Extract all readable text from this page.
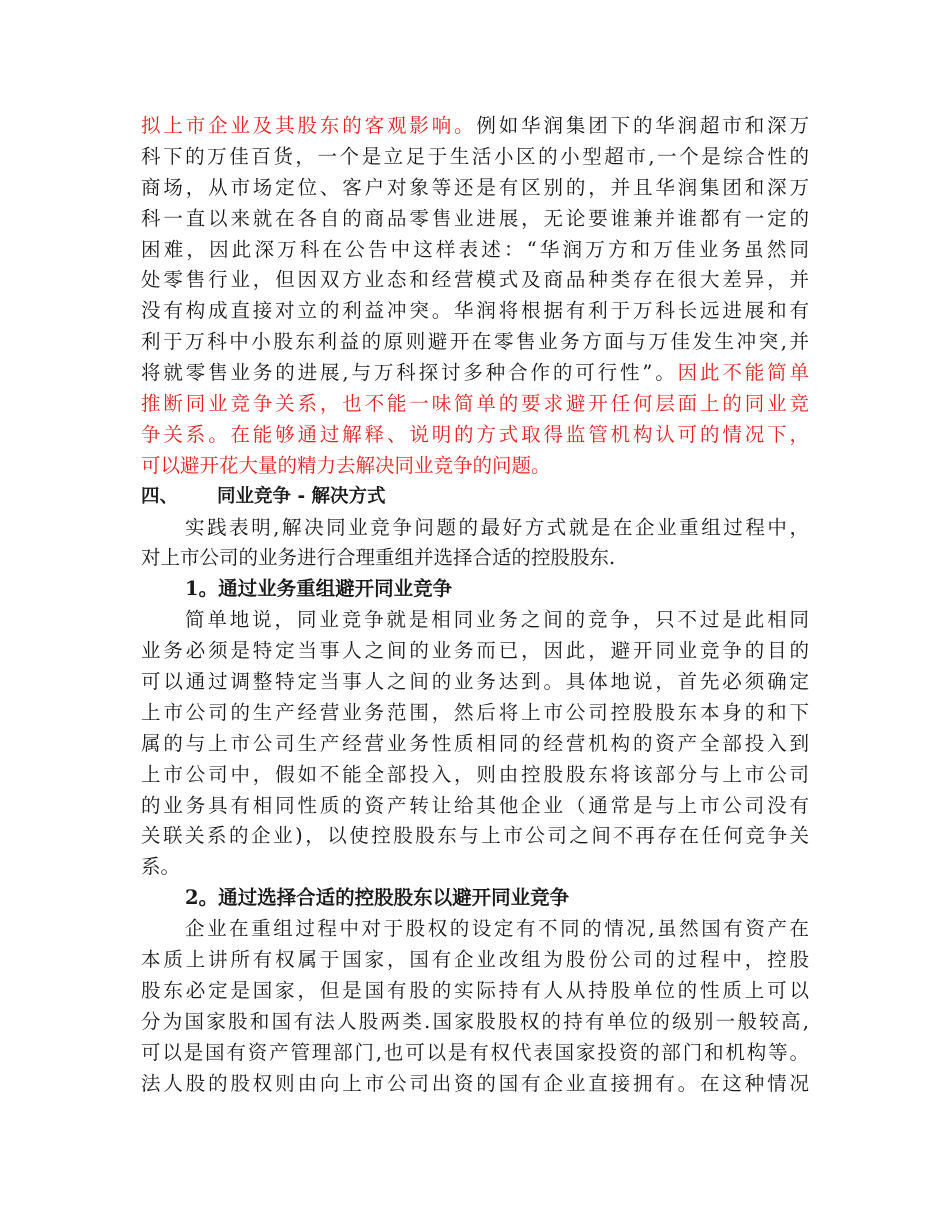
拟上市企业及其股东的客观影响。例如华润集团下的华润超市和深万
科下的万佳百货，一个是立足于生活小区的小型超市,一个是综合性的
商场，从市场定位、客户对象等还是有区别的，并且华润集团和深万
科一直以来就在各自的商品零售业进展，无论要谁兼并谁都有一定的
困难，因此深万科在公告中这样表述：“华润万方和万佳业务虽然同
处零售行业，但因双方业态和经营模式及商品种类存在很大差异，并
没有构成直接对立的利益冲突。华润将根据有利于万科长远进展和有
利于万科中小股东利益的原则避开在零售业务方面与万佳发生冲突,并
将就零售业务的进展,与万科探讨多种合作的可行性”。因此不能简单
推断同业竞争关系，也不能一味简单的要求避开任何层面上的同业竞
争关系。在能够通过解释、说明的方式取得监管机构认可的情况下，
可以避开花大量的精力去解决同业竞争的问题。
四、 同业竞争 - 解决方式
实践表明,解决同业竞争问题的最好方式就是在企业重组过程中，
对上市公司的业务进行合理重组并选择合适的控股股东.
1。通过业务重组避开同业竞争
简单地说，同业竞争就是相同业务之间的竞争，只不过是此相同
业务必须是特定当事人之间的业务而已，因此，避开同业竞争的目的
可以通过调整特定当事人之间的业务达到。具体地说，首先必须确定
上市公司的生产经营业务范围，然后将上市公司控股股东本身的和下
属的与上市公司生产经营业务性质相同的经营机构的资产全部投入到
上市公司中，假如不能全部投入，则由控股股东将该部分与上市公司
的业务具有相同性质的资产转让给其他企业（通常是与上市公司没有
关联关系的企业)，以使控股股东与上市公司之间不再存在任何竞争关
系。
2。通过选择合适的控股股东以避开同业竞争
企业在重组过程中对于股权的设定有不同的情况,虽然国有资产在
本质上讲所有权属于国家，国有企业改组为股份公司的过程中，控股
股东必定是国家，但是国有股的实际持有人从持股单位的性质上可以
分为国家股和国有法人股两类.国家股股权的持有单位的级别一般较高,
可以是国有资产管理部门,也可以是有权代表国家投资的部门和机构等。
法人股的股权则由向上市公司出资的国有企业直接拥有。在这种情况
